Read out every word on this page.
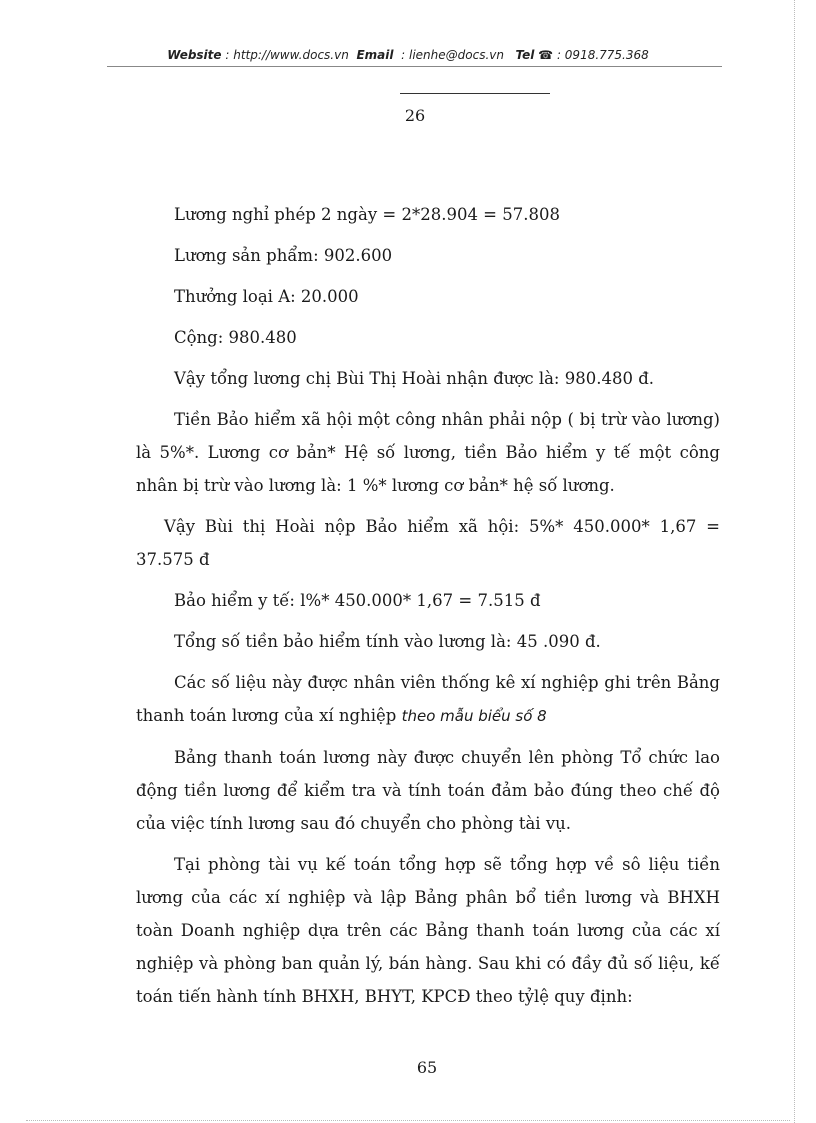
Website : http://www.docs.vn Email : lienhe@docs.vn Tel ☎ : 0918.775.368
26

Lương nghỉ phép 2 ngày = 2*28.904 = 57.808

Lương sản phẩm: 902.600

Thưởng loại A: 20.000

Cộng: 980.480

Vậy tổng lương chị Bùi Thị Hoài nhận được là: 980.480 đ.

Tiền Bảo hiểm xã hội một công nhân phải nộp ( bị trừ vào lương) là 5%*. Lương cơ bản* Hệ số lương, tiền Bảo hiểm y tế một công nhân bị trừ vào lương là: 1 %* lương cơ bản* hệ số lương.

Vậy Bùi thị Hoài nộp Bảo hiểm xã hội: 5%* 450.000* 1,67 = 37.575 đ

Bảo hiểm y tế: l%* 450.000* 1,67 = 7.515 đ

Tổng số tiền bảo hiểm tính vào lương là: 45 .090 đ.

Các số liệu này được nhân viên thống kê xí nghiệp ghi trên Bảng thanh toán lương của xí nghiệp theo mẫu biểu số 8

Bảng thanh toán lương này được chuyển lên phòng Tổ chức lao động tiền lương để kiểm tra và tính toán đảm bảo đúng theo chế độ của việc tính lương sau đó chuyển cho phòng tài vụ.

Tại phòng tài vụ kế toán tổng hợp sẽ tổng hợp về sô liệu tiền lương của các xí nghiệp và lập Bảng phân bổ tiền lương và BHXH toàn Doanh nghiệp dựa trên các Bảng thanh toán lương của các xí nghiệp và phòng ban quản lý, bán hàng. Sau khi có đầy đủ số liệu, kế toán tiến hành tính BHXH, BHYT, KPCĐ theo tỷlệ quy định:

65
